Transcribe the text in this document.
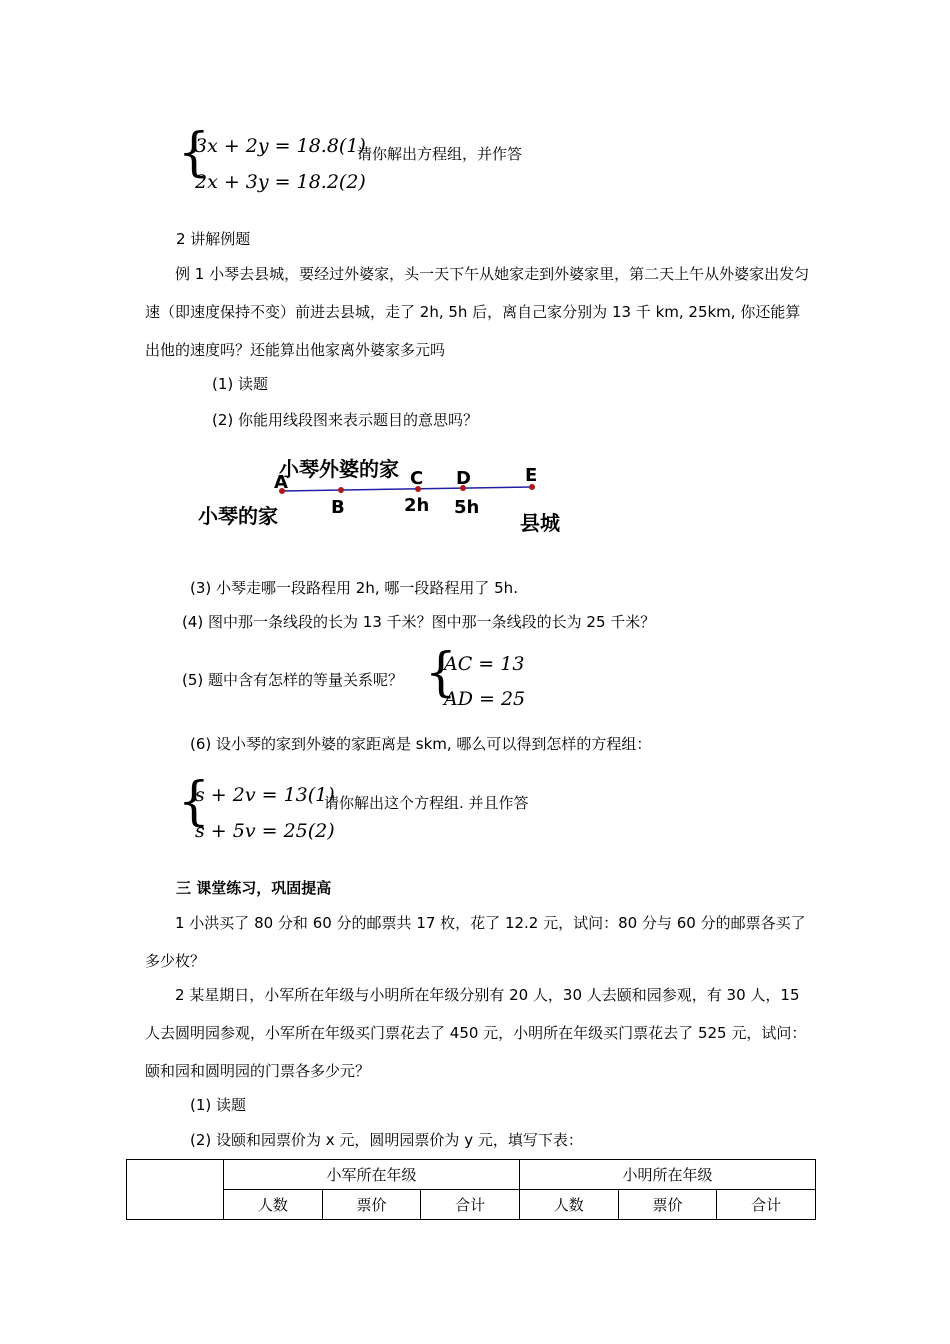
{
3x + 2y = 18.8(1)
2x + 3y = 18.2(2)
请你解出方程组，并作答
2 讲解例题
例 1 小琴去县城，要经过外婆家，头一天下午从她家走到外婆家里，第二天上午从外婆家出发匀速（即速度保持不变）前进去县城，走了 2h, 5h 后，离自己家分别为 13 千 km, 25km, 你还能算出他的速度吗？还能算出他家离外婆家多元吗
(1) 读题
(2) 你能用线段图来表示题目的意思吗？
小琴外婆的家
A
B
C D	E
小琴的家	2h 5h
县城
(3) 小琴走哪一段路程用 2h, 哪一段路程用了 5h.
(4) 图中那一条线段的长为 13 千米？图中那一条线段的长为 25 千米？
(5) 题中含有怎样的等量关系呢？ {
AC = 13
AD = 25
(6) 设小琴的家到外婆的家距离是 skm, 哪么可以得到怎样的方程组：
{
s + 2v = 13(1)
s + 5v = 25(2)
请你解出这个方程组. 并且作答
三 课堂练习，巩固提高
1 小洪买了 80 分和 60 分的邮票共 17 枚，花了 12.2 元，试问：80 分与 60 分的邮票各买了多少枚？
2 某星期日，小军所在年级与小明所在年级分别有 20 人，30 人去颐和园参观，有 30 人，15 人去圆明园参观，小军所在年级买门票花去了 450 元，小明所在年级买门票花去了 525 元，试问：颐和园和圆明园的门票各多少元？
(1) 读题
(2) 设颐和园票价为 x 元，圆明园票价为 y 元，填写下表：
	小军所在年级			小明所在年级		
	人数	票价	合计	人数	票价	合计
